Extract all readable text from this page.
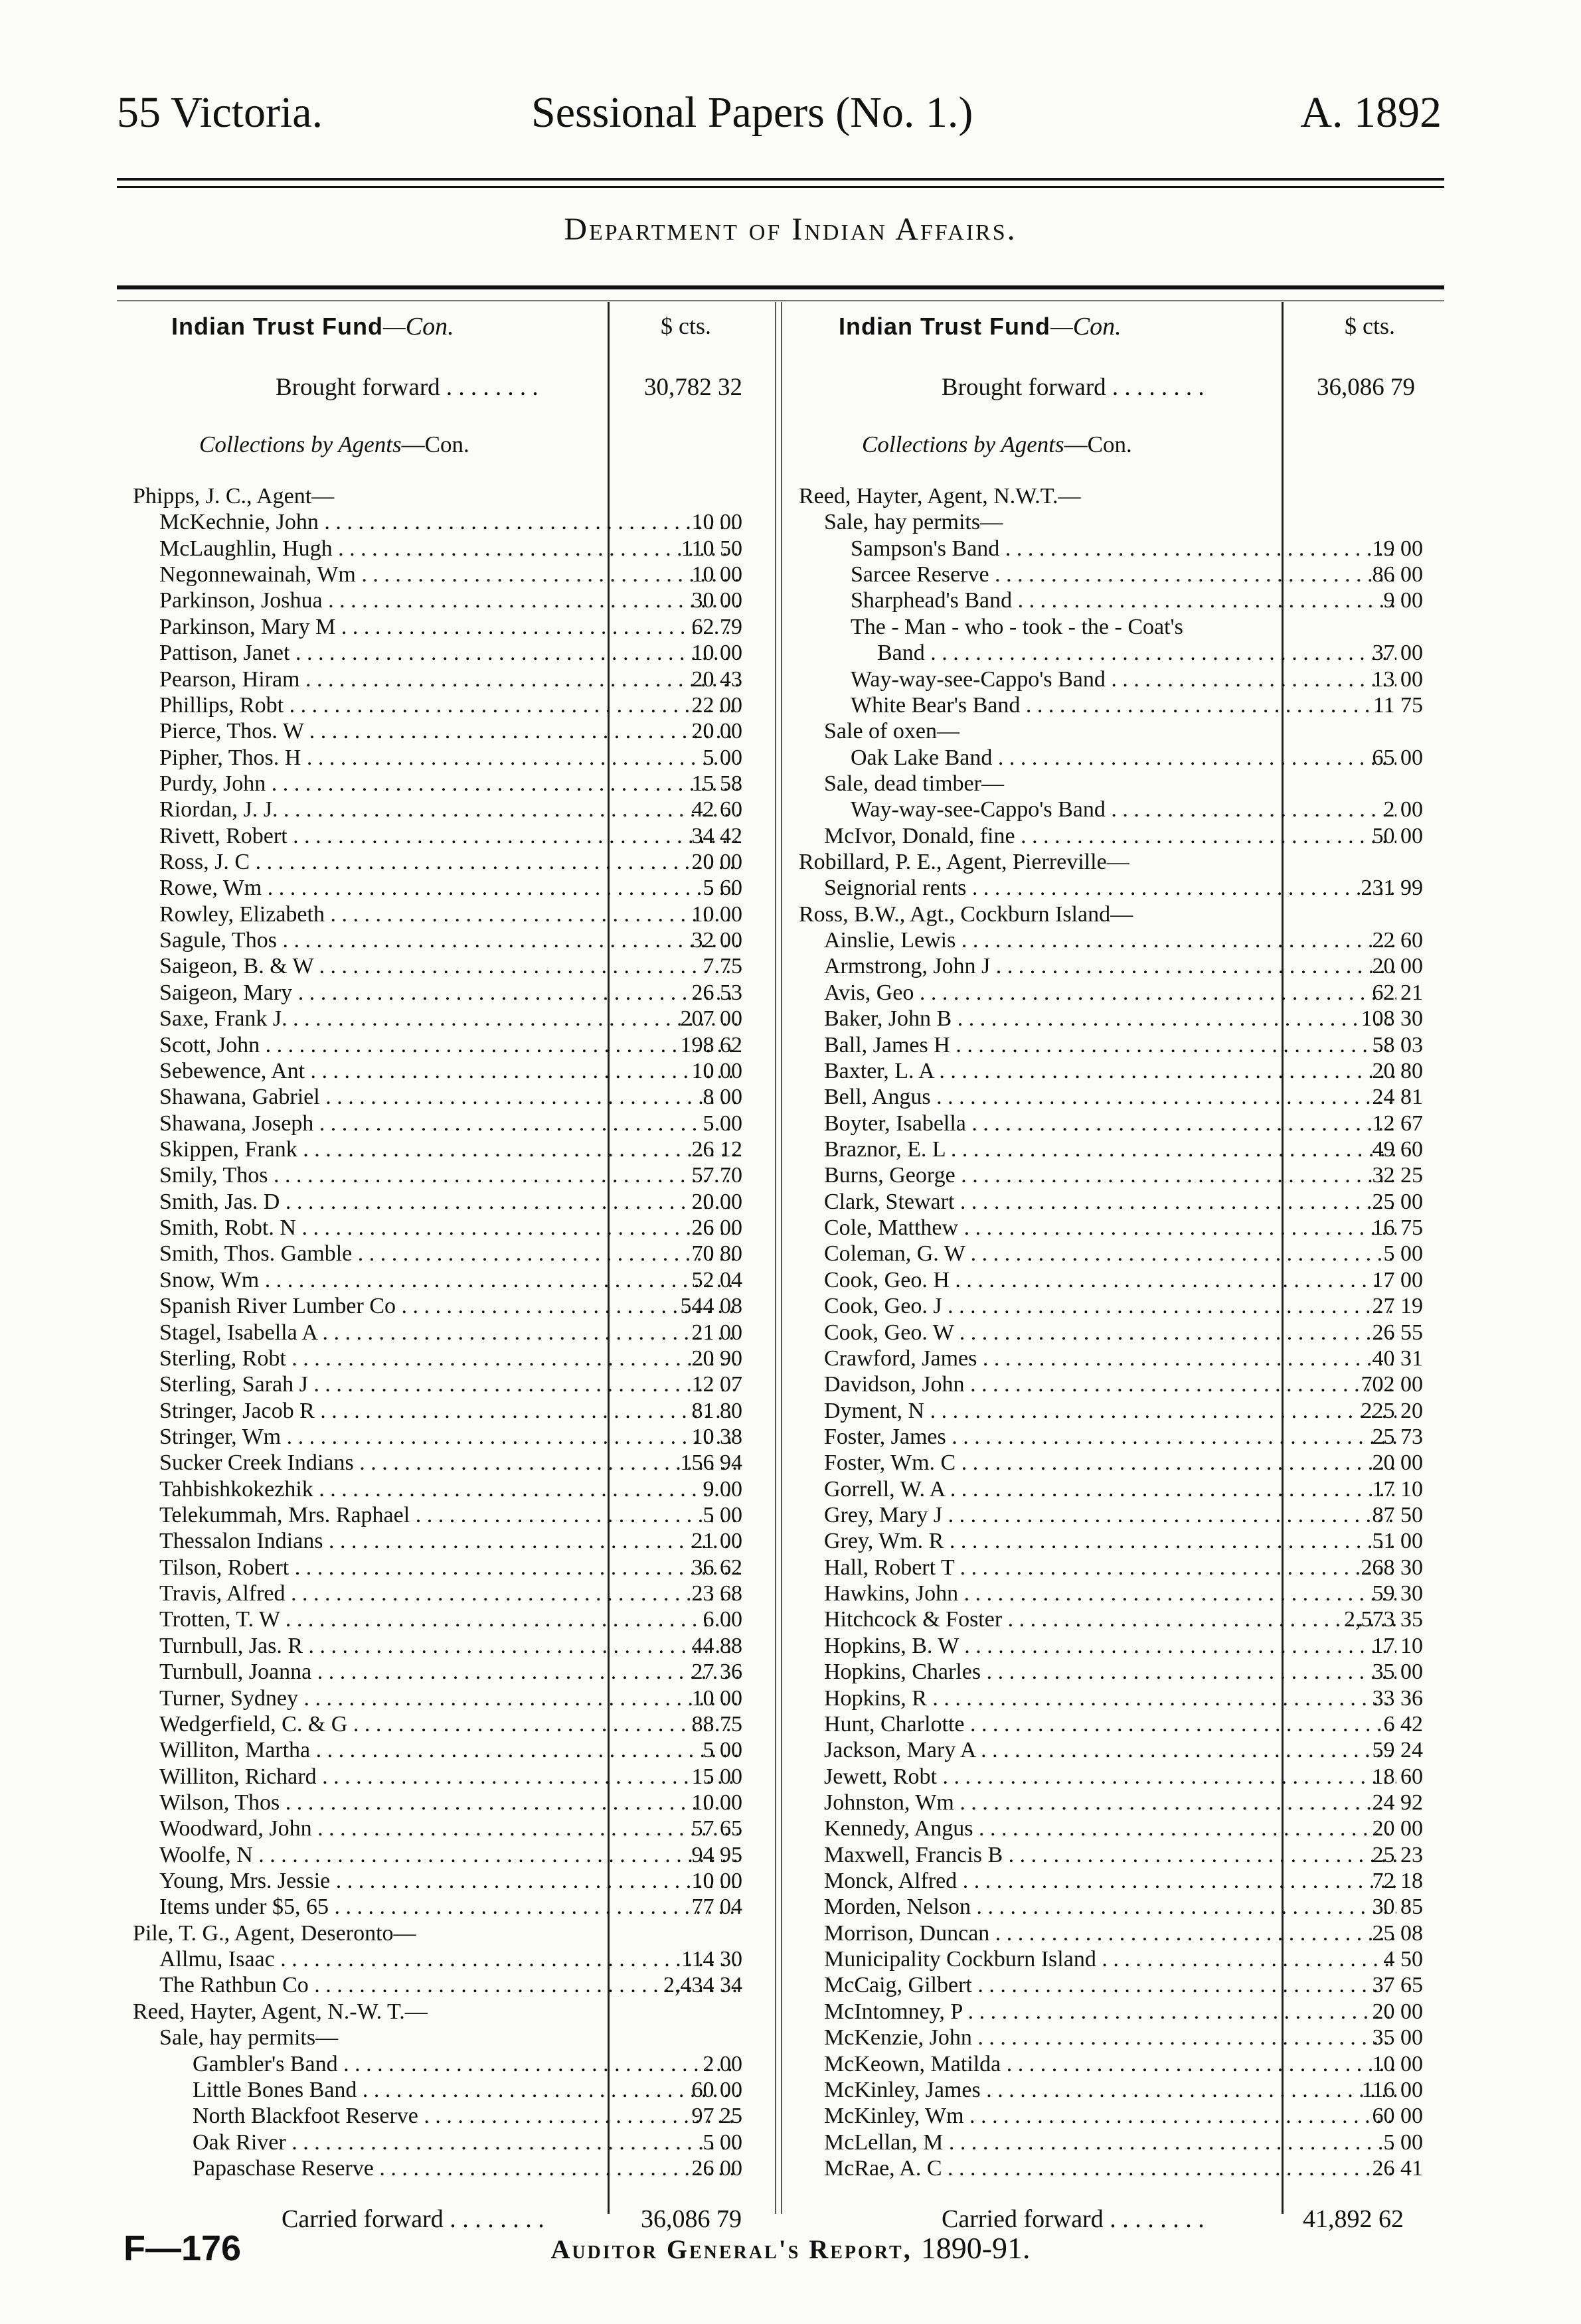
55 Victoria.	Sessional Papers (No. 1.)	A. 1892
Department of Indian Affairs.
Indian Trust Fund—Con.	$ cts.
Brought forward . . . . . . . .	30,782 32
Collections by Agents—Con.
Phipps, J. C., Agent—
McKechnie, John . . .	10 00
McLaughlin, Hugh . . .	110 50
Negonnewainah, Wm . . .	10 00
Parkinson, Joshua . . .	30 00
Parkinson, Mary M . . .	62 79
Pattison, Janet . . .	10 00
Pearson, Hiram . . .	20 43
Phillips, Robt . . .	22 00
Pierce, Thos. W . . .	20 00
Pipher, Thos. H . . .	5 00
Purdy, John . . .	15 58
Riordan, J. J. . . .	42 60
Rivett, Robert . . .	34 42
Ross, J. C . . .	20 00
Rowe, Wm . . .	5 60
Rowley, Elizabeth . . .	10 00
Sagule, Thos . . .	32 00
Saigeon, B. & W . . .	7 75
Saigeon, Mary . . .	26 53
Saxe, Frank J. . . .	207 00
Scott, John . . .	198 62
Sebewence, Ant . . .	10 00
Shawana, Gabriel . . .	8 00
Shawana, Joseph . . .	5 00
Skippen, Frank . . .	26 12
Smily, Thos . . .	57 70
Smith, Jas. D . . .	20 00
Smith, Robt. N . . .	26 00
Smith, Thos. Gamble . . .	70 80
Snow, Wm . . .	52 04
Spanish River Lumber Co . . .	544 08
Stagel, Isabella A . . .	21 00
Sterling, Robt . . .	20 90
Sterling, Sarah J . . .	12 07
Stringer, Jacob R . . .	81 80
Stringer, Wm . . .	10 38
Sucker Creek Indians . . .	156 94
Tahbishkokezhik . . .	9 00
Telekummah, Mrs. Raphael . . .	5 00
Thessalon Indians . . .	21 00
Tilson, Robert . . .	36 62
Travis, Alfred . . .	23 68
Trotten, T. W . . .	6 00
Turnbull, Jas. R . . .	44 88
Turnbull, Joanna . . .	27 36
Turner, Sydney . . .	10 00
Wedgerfield, C. & G . . .	88 75
Williton, Martha . . .	5 00
Williton, Richard . . .	15 00
Wilson, Thos . . .	10 00
Woodward, John . . .	57 65
Woolfe, N . . .	94 95
Young, Mrs. Jessie . . .	10 00
Items under $5, 65 . . .	77 04
Pile, T. G., Agent, Deseronto—
Allmu, Isaac . . .	114 30
The Rathbun Co . . .	2,434 34
Reed, Hayter, Agent, N.-W. T.—
Sale, hay permits—
Gambler's Band . . .	2 00
Little Bones Band . . .	60 00
North Blackfoot Reserve . . .	97 25
Oak River . . .	5 00
Papaschase Reserve . . .	26 00
Indian Trust Fund—Con.	$ cts.
Brought forward . . . . . . . .	36,086 79
Collections by Agents—Con.
Reed, Hayter, Agent, N.W.T.—
Sale, hay permits—
Sampson's Band . . .	19 00
Sarcee Reserve . . .	86 00
Sharphead's Band . . .	9 00
The - Man - who - took - the - Coat's
Band . . .	37 00
Way-way-see-Cappo's Band . . .	13 00
White Bear's Band . . .	11 75
Sale of oxen—
Oak Lake Band . . .	65 00
Sale, dead timber—
Way-way-see-Cappo's Band . . .	2 00
McIvor, Donald, fine . . .	50 00
Robillard, P. E., Agent, Pierreville—
Seignorial rents . . .	231 99
Ross, B.W., Agt., Cockburn Island—
Ainslie, Lewis . . .	22 60
Armstrong, John J . . .	20 00
Avis, Geo . . .	62 21
Baker, John B . . .	108 30
Ball, James H . . .	58 03
Baxter, L. A . . .	20 80
Bell, Angus . . .	24 81
Boyter, Isabella . . .	12 67
Braznor, E. L . . .	49 60
Burns, George . . .	32 25
Clark, Stewart . . .	25 00
Cole, Matthew . . .	16 75
Coleman, G. W . . .	5 00
Cook, Geo. H . . .	17 00
Cook, Geo. J . . .	27 19
Cook, Geo. W . . .	26 55
Crawford, James . . .	40 31
Davidson, John . . .	702 00
Dyment, N . . .	225 20
Foster, James . . .	25 73
Foster, Wm. C . . .	20 00
Gorrell, W. A . . .	17 10
Grey, Mary J . . .	87 50
Grey, Wm. R . . .	51 00
Hall, Robert T . . .	268 30
Hawkins, John . . .	59 30
Hitchcock & Foster . . .	2,573 35
Hopkins, B. W . . .	17 10
Hopkins, Charles . . .	35 00
Hopkins, R . . .	33 36
Hunt, Charlotte . . .	6 42
Jackson, Mary A . . .	59 24
Jewett, Robt . . .	18 60
Johnston, Wm . . .	24 92
Kennedy, Angus . . .	20 00
Maxwell, Francis B . . .	25 23
Monck, Alfred . . .	72 18
Morden, Nelson . . .	30 85
Morrison, Duncan . . .	25 08
Municipality Cockburn Island . . .	4 50
McCaig, Gilbert . . .	37 65
McIntomney, P . . .	20 00
McKenzie, John . . .	35 00
McKeown, Matilda . . .	10 00
McKinley, James . . .	116 00
McKinley, Wm . . .	60 00
McLellan, M . . .	5 00
McRae, A. C . . .	26 41
Carried forward . . . . . . . .	36,086 79	Carried forward . . . . . . . .	41,892 62
F—176	Auditor General's Report, 1890-91.
